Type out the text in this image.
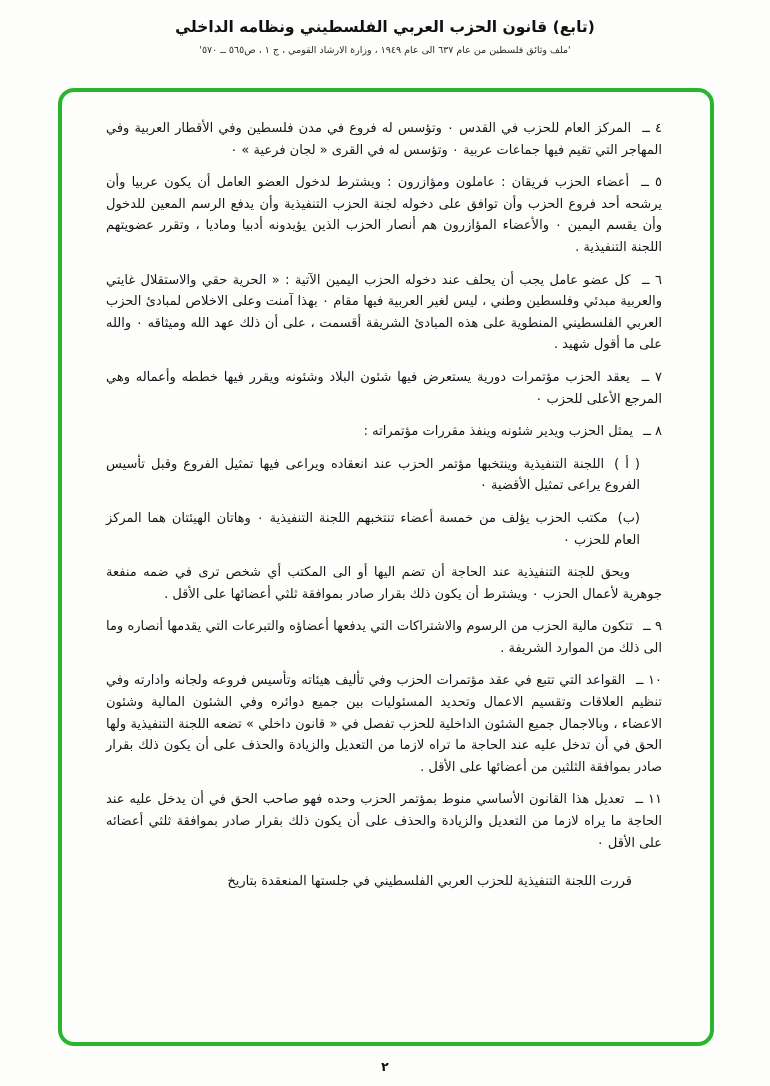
(تابع) قانون الحزب العربي الفلسطيني ونظامه الداخلي
'ملف وثائق فلسطين من عام ٦٣٧ الى عام ١٩٤٩ ، وزارة الارشاد القومي ، ج ١ ، ص٥٦٥ ــ ٥٧٠'
٤ ــ المركز العام للحزب في القدس ٠ وتؤسس له فروع في مدن فلسطين وفي الأقطار العربية وفي المهاجر التي تقيم فيها جماعات عربية ٠ وتؤسس له في القرى « لجان فرعية » ٠
٥ ــ أعضاء الحزب فريقان : عاملون ومؤازرون : ويشترط لدخول العضو العامل أن يكون عربيا وأن يرشحه أحد فروع الحزب وأن توافق على دخوله لجنة الحزب التنفيذية وأن يدفع الرسم المعين للدخول وأن يقسم اليمين ٠ والأعضاء المؤازرون هم أنصار الحزب الذين يؤيدونه أدبيا وماديا ، وتقرر عضويتهم اللجنة التنفيذية .
٦ ــ كل عضو عامل يجب أن يحلف عند دخوله الحزب اليمين الآتية : « الحرية حقي والاستقلال غايتي والعربية مبدئي وفلسطين وطني ، ليس لغير العربية فيها مقام ٠ بهذا آمنت وعلى الاخلاص لمبادئ الحزب العربي الفلسطيني المنطوية على هذه المبادئ الشريفة أقسمت ، على أن ذلك عهد الله وميثاقه ٠ والله على ما أقول شهيد .
٧ ــ يعقد الحزب مؤتمرات دورية يستعرض فيها شئون البلاد وشئونه ويقرر فيها خططه وأعماله وهي المرجع الأعلى للحزب ٠
٨ ــ يمثل الحزب ويدير شئونه وينفذ مقررات مؤتمراته :
( أ ) اللجنة التنفيذية وينتخبها مؤتمر الحزب عند انعقاده ويراعى فيها تمثيل الفروع وقبل تأسيس الفروع يراعى تمثيل الأقضية ٠
(ب) مكتب الحزب يؤلف من خمسة أعضاء تنتخبهم اللجنة التنفيذية ٠ وهاتان الهيئتان هما المركز العام للحزب ٠
ويحق للجنة التنفيذية عند الحاجة أن تضم اليها أو الى المكتب أي شخص ترى في ضمه منفعة جوهرية لأعمال الحزب ٠ ويشترط أن يكون ذلك بقرار صادر بموافقة ثلثي أعضائها على الأقل .
٩ ــ تتكون مالية الحزب من الرسوم والاشتراكات التي يدفعها أعضاؤه والتبرعات التي يقدمها أنصاره وما الى ذلك من الموارد الشريفة .
١٠ ــ القواعد التي تتبع في عقد مؤتمرات الحزب وفي تأليف هيئاته وتأسيس فروعه ولجانه وادارته وفي تنظيم العلاقات وتقسيم الاعمال وتحديد المسئوليات بين جميع دوائره وفي الشئون المالية وشئون الاعضاء ، وبالاجمال جميع الشئون الداخلية للحزب تفصل في « قانون داخلي » تضعه اللجنة التنفيذية ولها الحق في أن تدخل عليه عند الحاجة ما تراه لازما من التعديل والزيادة والحذف على أن يكون ذلك بقرار صادر بموافقة الثلثين من أعضائها على الأقل .
١١ ــ تعديل هذا القانون الأساسي منوط بمؤتمر الحزب وحده فهو صاحب الحق في أن يدخل عليه عند الحاجة ما يراه لازما من التعديل والزيادة والحذف على أن يكون ذلك بقرار صادر بموافقة ثلثي أعضائه على الأقل ٠
قررت اللجنة التنفيذية للحزب العربي الفلسطيني في جلستها المنعقدة بتاريخ
٢
